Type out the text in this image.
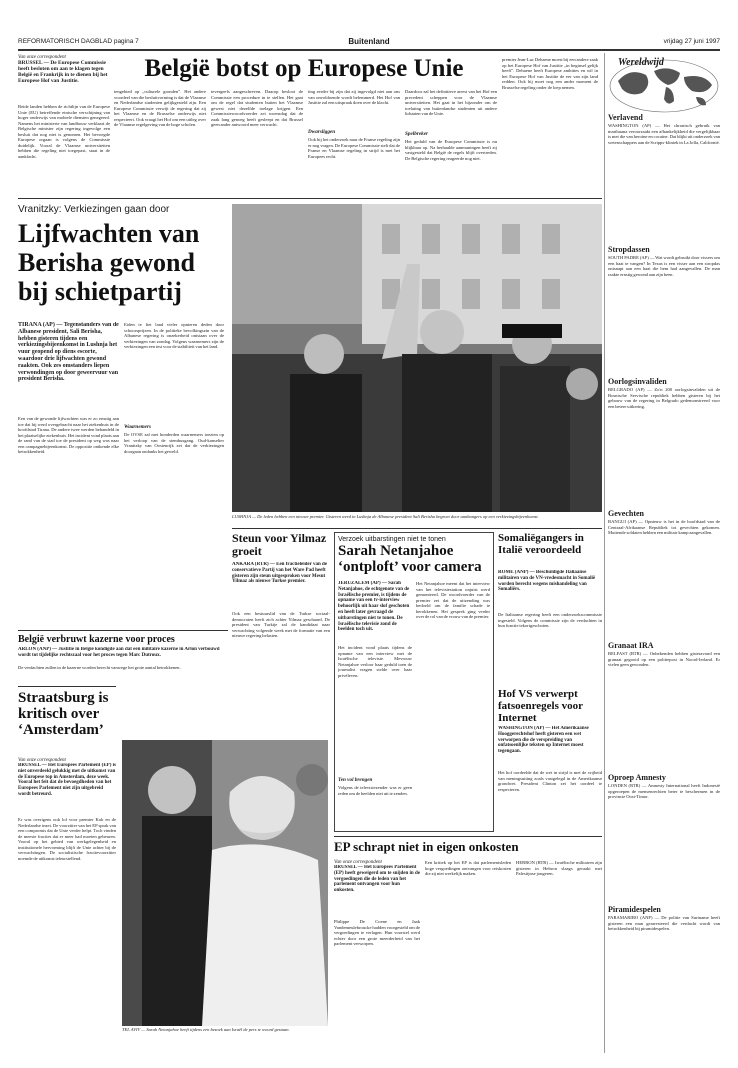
REFORMATORISCH DAGBLAD pagina 7	Buitenland	vrijdag 27 juni 1997
Van onze correspondent
BRUSSEL — De Europese Commissie heeft besloten om aan te klagen tegen België en Frankrijk in te dienen bij het Europese Hof van Justitie.
Beide landen hebben de richtlijn van de Europese Unie (EU) betreffende etnische verschijning van hoger onderwijs van mobiele diensten genegeerd. Namens het ministerie van landbouw verklaart de Belgische minister zijn regering ingevolge een besluit dat nog niet is genomen. Het bevoegde Europese orgaan is volgens de Commissie duidelijk. Vooral de Vlaamse universiteiten hebben die regeling niet toegepast, staat in de aanklacht.
België botst op Europese Unie
tengebied op „culturele gronden”. Het andere voordeel van die besluitvorming is dat de Vlaamse en Nederlandse studenten gelijkgesteld zijn. Een Europese Commissie verwijt de regering dat zij het Vlaamse en de Brusselse onderwijs niet respecteert. Ook vraagt het Hof om een uitleg over de Vlaamse regelgeving van de hoge scholen.
tevergeefs aangeschreven. Daarop besloot de Commissie een procedure in te stellen. Het gaat om de regel dat studenten buiten het Vlaamse gewest niet dezelfde toelage krijgen. Een Commissiewoordvoerder zei woensdag dat de zaak lang genoeg heeft gesleept en dat Brussel geen ander antwoord meer verwacht.
ting eerder bij zijn dat zij ingevolgd niet aan ons van onvoldoende wordt belemmerd. Het Hof van Justitie zal een uitspraak doen over de klacht.
Dwarsliggen
Ook bij het onderzoek naar de Franse regeling zijn er nog vragen. De Europese Commissie stelt dat de Franse en Vlaamse regeling in strijd is met het Europees recht.
Daardoor zal het definitieve arrest van het Hof een precedent scheppen voor de Vlaamse universiteiten. Het gaat in het bijzonder om de toelating van buitenlandse studenten uit andere lidstaten van de Unie.
Spelbreker
Het geduld van de Europese Commissie is nu blijkbaar op. Na herhaalde aanmaningen heeft zij vastgesteld dat België de regels blijft overtreden. De Belgische regering reageerde nog niet.
premier Jean-Luc Dehaene moest bij een andere zaak op het Europese Hof van Justitie „in beginsel gelijk heeft”. Dehaene heeft Europese ambities en wil in het Europese Hof van Justitie de eer van zijn land redden. Ook hij moet nog een ander moment de Brusselse regeling onder de loep nemen.
Wereldwijd
Verlavend
WASHINGTON (AP) — Het chronisch gebruik van marihuana veroorzaakt een afhankelijkheid die vergelijkbaar is met die van heroïne en cocaïne. Dat blijkt uit onderzoek van wetenschappers aan de Scripps-kliniek in La Jolla, Californië.
Stropdassen
SOUTH PADRE (AP) — Wat wordt gebruikt door vissers om een haai te vangen? In Texas is een visser aan een stropdas ontsnapt aan een haai die hem had aangevallen. De man raakte ernstig gewond aan zijn been.
Oorlogsinvaliden
BELGRADO (AP) — Zo'n 200 oorlogsinvaliden uit de Bosnische Servische republiek hebben gisteren bij het gebouw van de regering in Belgrado gedemonstreerd voor een betere uitkering.
Gevechten
BANGUI (AP) — Opnieuw is het in de hoofdstad van de Centraal-Afrikaanse Republiek tot gevechten gekomen. Muitende soldaten hebben een militair kamp aangevallen.
Granaat IRA
BELFAST (RTR) — Onbekenden hebben gisteravond een granaat gegooid op een politiepost in Noord-Ierland. Er vielen geen gewonden.
Oproep Amnesty
LONDEN (RTR) — Amnesty International heeft Indonesië opgeroepen de mensenrechten beter te beschermen in de provincie Oost-Timor.
Piramidespelen
PARAMARIBO (ANP) — De politie van Suriname heeft gisteren een man gearresteerd die verdacht wordt van betrokkenheid bij piramidespelen.
Vranitzky: Verkiezingen gaan door
Lijfwachten van Berisha gewond bij schietpartij
TIRANA (AP) — Tegenstanders van de Albanese president, Sali Berisha, hebben gisteren tijdens een verkiezingsbijeenkomst in Lushnja het vuur geopend op diens escorte, waardoor drie lijfwachten gewond raakten. Ook zes omstanders liepen verwondingen op door geweervuur van president Berisha.
Een van de gewonde lijfwachten was er zo ernstig aan toe dat hij werd overgebracht naar het ziekenhuis in de hoofdstad Tirana. De andere twee werden behandeld in het plaatselijke ziekenhuis. Het incident vond plaats aan de rand van de stad toe de president op weg was naar een campagnebijeenkomst. De oppositie ontkende elke betrokkenheid.
Eiden te fiet land vieler opnieren deden door schoorsprijzen. In de politieke bevolkingszin van de Albanese regering is onzekerheid ontstaan over de verkiezingen van zondag. Volgens waarnemers zijn de verkiezingen een test voor de stabiliteit van het land.
Waarnemers
De OVSE zal met honderden waarnemers toezien op het verloop van de stembusgang. Oud-kanselier Vranitzky van Oostenrijk zei dat de verkiezingen doorgaan ondanks het geweld.
LUSHNJA — De leden hebben een nieuwe premier. Gisteren werd in Lushnja de Albanese president Sali Berisha begroet door aanhangers op een verkiezingsbijeenkomst.
Steun voor Yilmaz groeit
ANKARA (RTR) — Een fractieleider van de conservatieve Partij van het Ware Pad heeft gisteren zijn steun uitgesproken voor Mesut Yilmaz als nieuwe Turkse premier.
Ook een bestuurslid van de Turkse sociaal-democraten heeft zich achter Yilmaz geschaard. De president van Turkije zal de kandidaat naar verwachting volgende week met de formatie van een nieuwe regering belasten.
Verzoek uitbarstingen niet te tonen
Sarah Netanjahoe ‘ontploft’ voor camera
JERUZALEM (AP) — Sarah Netanjahoe, de echtgenote van de Israëlische premier, is tijdens de opname van een tv-interview behoorlijk uit haar slof geschoten en heeft later gevraagd de uitbarstingen niet te tonen. De Israëlische televisie zond de beelden toch uit.
Het incident vond plaats tijdens de opname van een interview met de Israëlische televisie. Mevrouw Netanjahoe verloor haar geduld toen de journalist vragen stelde over haar privéleven.
Ten vol brengen
Volgens de televisiezender was er geen reden om de beelden niet uit te zenden.
Het Netanjahoe meent dat het interview van het televisiestation onjuist werd gemonteerd. De woordvoerder van de premier zei dat de uitzending was bedoeld om de familie schade te berokkenen. Het gesprek ging verder over de rol van de vrouw van de premier.
Somaliëgangers in Italië veroordeeld
ROME (ANP) — Beschuldigde Italiaanse militairen van de VN-vredesmacht in Somalië worden berecht wegens mishandeling van Somaliërs.
De Italiaanse regering heeft een onderzoekscommissie ingesteld. Volgens de commissie zijn de verdachten in hun functie tekortgeschoten.
Hof VS verwerpt fatsoenregels voor Internet
WASHINGTON (AP) — Het Amerikaanse Hooggerechtshof heeft gisteren een wet verworpen die de verspreiding van onfatsoenlijke teksten op Internet moest tegengaan.
Het hof oordeelde dat de wet in strijd is met de vrijheid van meningsuiting zoals vastgelegd in de Amerikaanse grondwet. President Clinton zei het oordeel te respecteren.
België verbruwt kazerne voor proces
ARLON (ANP) — Justitie in België kondigde aan dat een militaire kazerne in Arlon verbouwd wordt tot tijdelijke rechtszaal voor het proces tegen Marc Dutroux.
De verdachten zullen in de kazerne worden berecht vanwege het grote aantal betrokkenen.
Straatsburg is kritisch over ‘Amsterdam’
Van onze correspondent
BRUSSEL — Het Europees Parlement (EP) is niet onverdeeld gelukkig met de uitkomst van de Europese top in Amsterdam, deze week. Vooral het feit dat de bevoegdheden van het Europees Parlement niet zijn uitgebreid wordt betreurd.
Er was overigens ook lof voor premier Kok en de Nederlandse inzet. De voorzitter van het EP sprak van een compromis dat de Unie verder helpt. Toch vinden de meeste fracties dat er meer had moeten gebeuren. Vooral op het gebied van werkgelegenheid en institutionele hervorming blijft de Unie achter bij de verwachtingen. De socialistische fractievoorzitter noemde de uitkomst teleurstellend.
TEL AVIV — Sarah Netanjahoe heeft tijdens een bezoek aan Israël de pers te woord gestaan.
EP schrapt niet in eigen onkosten
Van onze correspondent
BRUSSEL — Het Europees Parlement (EP) heeft geweigerd om te snijden in de vergoedingen die de leden van het parlement ontvangen voor hun onkosten.
Philippe De Coene en Jaak Vandemeulebroucke hadden voorgesteld om de vergoedingen te verlagen. Hun voorstel werd echter door een grote meerderheid van het parlement verworpen.
Een kritiek op het EP is dat parlementsleden hoge vergoedingen ontvangen voor reiskosten die zij niet werkelijk maken.
HEBRON (RTR) — Israëlische militairen zijn gisteren in Hebron slaags geraakt met Palestijnse jongeren.
